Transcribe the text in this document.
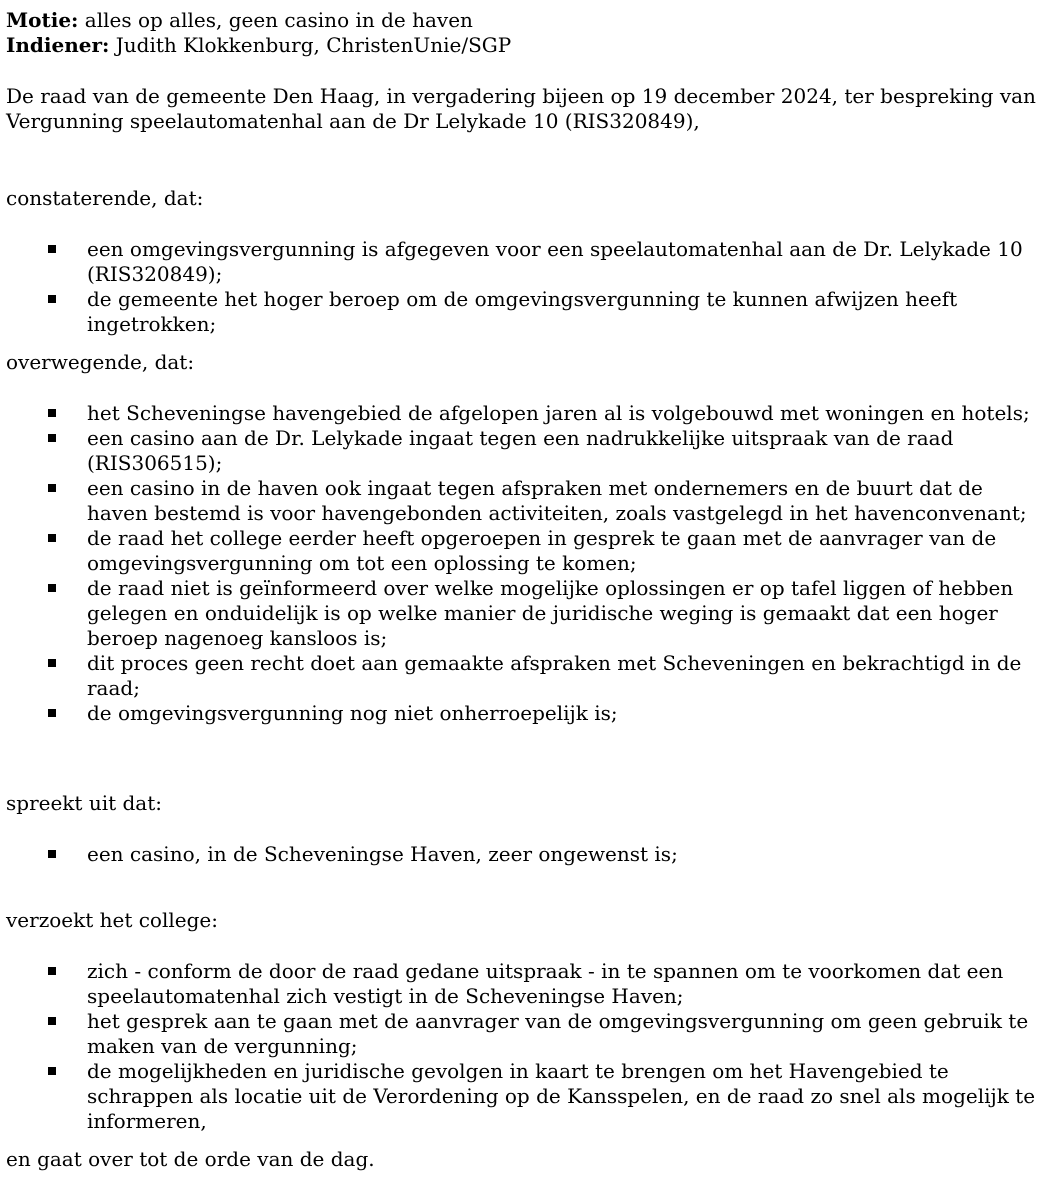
Motie: alles op alles, geen casino in de haven

Indiener: Judith Klokkenburg, ChristenUnie/SGP

De raad van de gemeente Den Haag, in vergadering bijeen op 19 december 2024, ter bespreking van Vergunning speelautomatenhal aan de Dr Lelykade 10 (RIS320849),

constaterende, dat:

een omgevingsvergunning is afgegeven voor een speelautomatenhal aan de Dr. Lelykade 10 (RIS320849);
de gemeente het hoger beroep om de omgevingsvergunning te kunnen afwijzen heeft ingetrokken;

overwegende, dat:

het Scheveningse havengebied de afgelopen jaren al is volgebouwd met woningen en hotels;
een casino aan de Dr. Lelykade ingaat tegen een nadrukkelijke uitspraak van de raad (RIS306515);
een casino in de haven ook ingaat tegen afspraken met ondernemers en de buurt dat de haven bestemd is voor havengebonden activiteiten, zoals vastgelegd in het havenconvenant;
de raad het college eerder heeft opgeroepen in gesprek te gaan met de aanvrager van de omgevingsvergunning om tot een oplossing te komen;
de raad niet is geïnformeerd over welke mogelijke oplossingen er op tafel liggen of hebben gelegen en onduidelijk is op welke manier de juridische weging is gemaakt dat een hoger beroep nagenoeg kansloos is;
dit proces geen recht doet aan gemaakte afspraken met Scheveningen en bekrachtigd in de raad;
de omgevingsvergunning nog niet onherroepelijk is;

spreekt uit dat:

een casino, in de Scheveningse Haven, zeer ongewenst is;

verzoekt het college:

zich - conform de door de raad gedane uitspraak - in te spannen om te voorkomen dat een speelautomatenhal zich vestigt in de Scheveningse Haven;
het gesprek aan te gaan met de aanvrager van de omgevingsvergunning om geen gebruik te maken van de vergunning;
de mogelijkheden en juridische gevolgen in kaart te brengen om het Havengebied te schrappen als locatie uit de Verordening op de Kansspelen, en de raad zo snel als mogelijk te informeren,

en gaat over tot de orde van de dag.
